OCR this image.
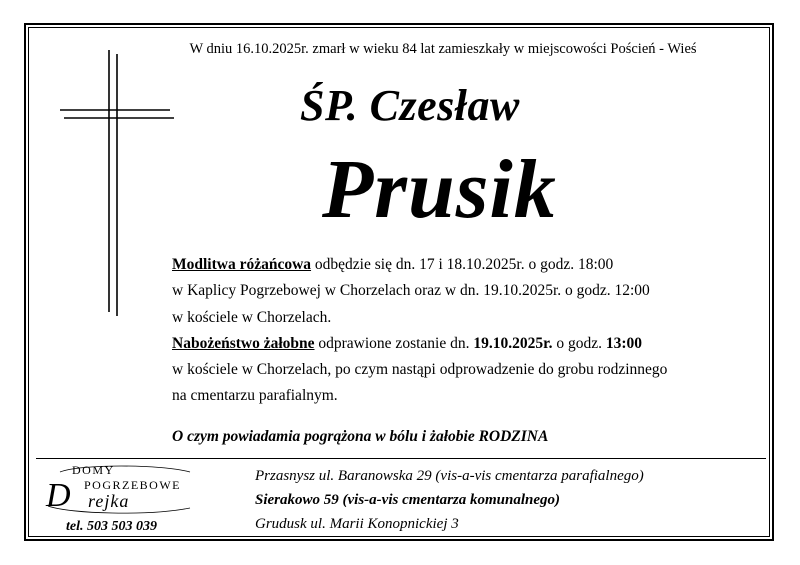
W dniu 16.10.2025r. zmarł w wieku 84 lat zamieszkały w miejscowości Poścień - Wieś
ŚP. Czesław
Prusik

Modlitwa różańcowa odbędzie się dn. 17 i 18.10.2025r. o godz. 18:00

w Kaplicy Pogrzebowej w Chorzelach oraz w dn. 19.10.2025r. o godz. 12:00

w kościele w Chorzelach.

Nabożeństwo żałobne odprawione zostanie dn. 19.10.2025r. o godz. 13:00

w kościele w Chorzelach, po czym nastąpi odprowadzenie do grobu rodzinnego

na cmentarzu parafialnym.

O czym powiadamia pogrążona w bólu i żałobie RODZINA
D
DOMY
POGRZEBOWE
rejka
tel. 503 503 039
Przasnysz ul. Baranowska 29 (vis-a-vis cmentarza parafialnego)
Sierakowo 59 (vis-a-vis cmentarza komunalnego)
Grudusk ul. Marii Konopnickiej 3
